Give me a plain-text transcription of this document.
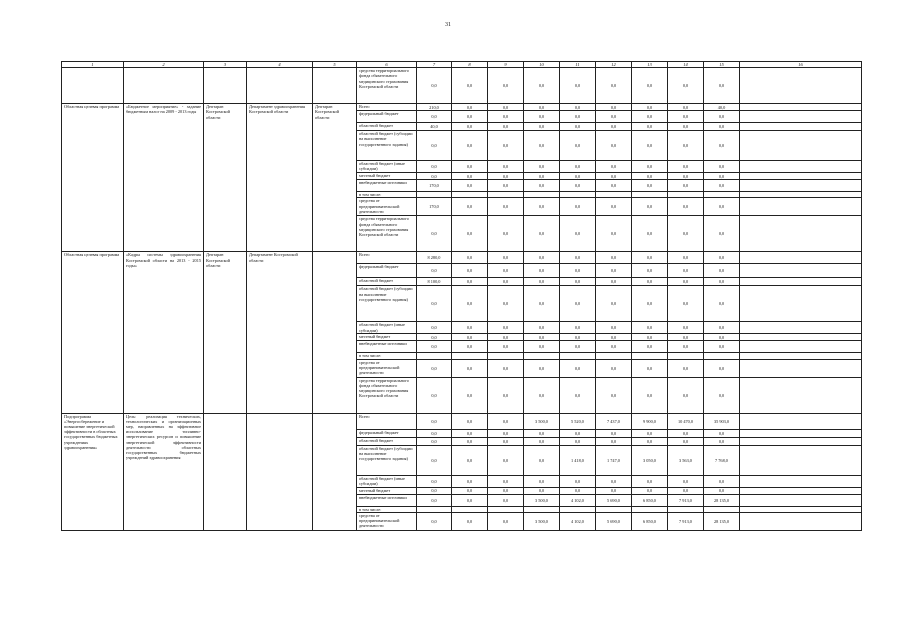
31
1	2	3	4	5	6	7	8	9	10	11	12	13	14	15	16
					средства территориального фонда обязательного медицинского страхования Костромской области	0,0	0,0	0,0	0,0	0,0	0,0	0,0	0,0	0,0	
Областная целевая программа	«Бюджетное мероприятие» - задание бюджетным налог на 2009 - 2013 годы	Дептаран Костромской области	Департамент здравоохранения Костромской области	Дептаран Костромской области	Всего	210,0	0,0	0,0	0,0	0,0	0,0	0,0	0,0	40,0	
					федеральный бюджет	0,0	0,0	0,0	0,0	0,0	0,0	0,0	0,0	0,0	
					областной бюджет	40,0	0,0	0,0	0,0	0,0	0,0	0,0	0,0	0,0	
					областной бюджет (субсидии на выполнение государственного задания)	0,0	0,0	0,0	0,0	0,0	0,0	0,0	0,0	0,0	
					областной бюджет (иные субсидии)	0,0	0,0	0,0	0,0	0,0	0,0	0,0	0,0	0,0	
					местный бюджет	0,0	0,0	0,0	0,0	0,0	0,0	0,0	0,0	0,0	
					внебюджетные источники	170,0	0,0	0,0	0,0	0,0	0,0	0,0	0,0	0,0	
					в том числе:										
					средства от предпринимательской деятельности	170,0	0,0	0,0	0,0	0,0	0,0	0,0	0,0	0,0	
					средства территориального фонда обязательного медицинского страхования Костромской области	0,0	0,0	0,0	0,0	0,0	0,0	0,0	0,0	0,0	
Областная целевая программа	«Кадры системы здравоохранения Костромской области на 2013 - 2015 годы»	Дептаран Костромской области	Департамент Костромской области		Всего	8 280,0	0,0	0,0	0,0	0,0	0,0	0,0	0,0	0,0	
					федеральный бюджет	0,0	0,0	0,0	0,0	0,0	0,0	0,0	0,0	0,0	
					областной бюджет	8 100,0	0,0	0,0	0,0	0,0	0,0	0,0	0,0	0,0	
					областной бюджет (субсидии на выполнение государственного задания)	0,0	0,0	0,0	0,0	0,0	0,0	0,0	0,0	0,0	
					областной бюджет (иные субсидии)	0,0	0,0	0,0	0,0	0,0	0,0	0,0	0,0	0,0	
					местный бюджет	0,0	0,0	0,0	0,0	0,0	0,0	0,0	0,0	0,0	
					внебюджетные источники	0,0	0,0	0,0	0,0	0,0	0,0	0,0	0,0	0,0	
					в том числе:										
					средства от предпринимательской деятельности	0,0	0,0	0,0	0,0	0,0	0,0	0,0	0,0	0,0	
					средства территориального фонда обязательного медицинского страхования Костромской области	0,0	0,0	0,0	0,0	0,0	0,0	0,0	0,0	0,0	
Подпрограмма «Энергосбережение и повышение энергетической эффективности в областных государственных бюджетных учреждениях здравоохранения»	Цель: реализация технических, технологических и организационных мер, направленных на эффективное использование топливно-энергетических ресурсов и повышение энергетической эффективности деятельности областных государственных бюджетных учреждений здравоохранения				Всего	0,0	0,0	0,0	3 500,0	5 520,0	7 437,0	9 900,0	10 470,0	35 903,0	
					федеральный бюджет	0,0	0,0	0,0	0,0	0,0	0,0	0,0	0,0	0,0	
					областной бюджет	0,0	0,0	0,0	0,0	0,0	0,0	0,0	0,0	0,0	
					областной бюджет (субсидии на выполнение государственного задания)	0,0	0,0	0,0	0,0	1 418,0	1 747,0	3 050,0	3 563,0	7 768,0	
					областной бюджет (иные субсидии)	0,0	0,0	0,0	0,0	0,0	0,0	0,0	0,0	0,0	
					местный бюджет	0,0	0,0	0,0	0,0	0,0	0,0	0,0	0,0	0,0	
					внебюджетные источники	0,0	0,0	0,0	3 500,0	4 102,0	5 690,0	6 850,0	7 913,0	28 135,0	
					в том числе:										
					средства от предпринимательской деятельности	0,0	0,0	0,0	3 500,0	4 102,0	5 690,0	6 850,0	7 913,0	28 135,0	
